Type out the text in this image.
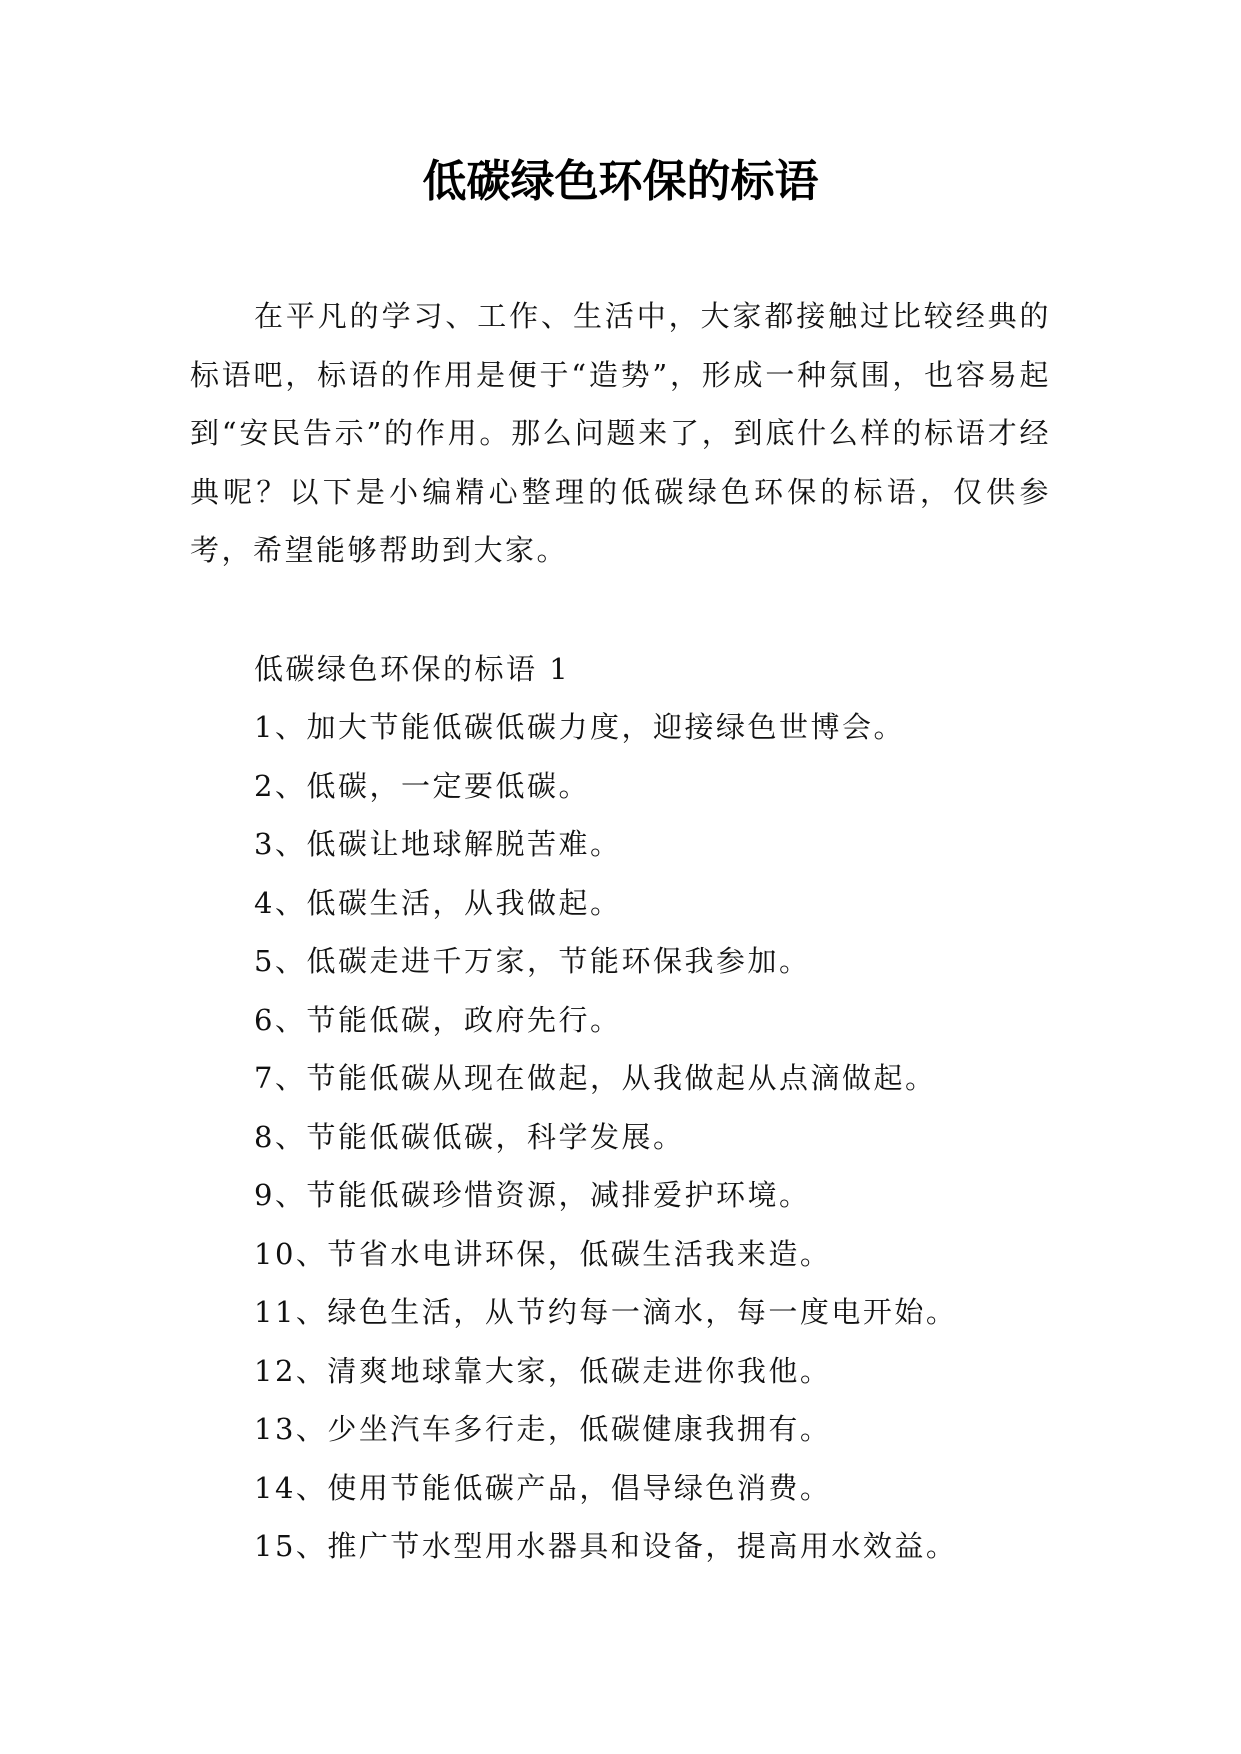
低碳绿色环保的标语

在平凡的学习、工作、生活中，大家都接触过比较经典的标语吧，标语的作用是便于“造势”，形成一种氛围，也容易起到“安民告示”的作用。那么问题来了，到底什么样的标语才经典呢？以下是小编精心整理的低碳绿色环保的标语，仅供参考，希望能够帮助到大家。

低碳绿色环保的标语 1
1、加大节能低碳低碳力度，迎接绿色世博会。
2、低碳，一定要低碳。
3、低碳让地球解脱苦难。
4、低碳生活，从我做起。
5、低碳走进千万家，节能环保我参加。
6、节能低碳，政府先行。
7、节能低碳从现在做起，从我做起从点滴做起。
8、节能低碳低碳，科学发展。
9、节能低碳珍惜资源，减排爱护环境。
10、节省水电讲环保，低碳生活我来造。
11、绿色生活，从节约每一滴水，每一度电开始。
12、清爽地球靠大家，低碳走进你我他。
13、少坐汽车多行走，低碳健康我拥有。
14、使用节能低碳产品，倡导绿色消费。
15、推广节水型用水器具和设备，提高用水效益。
